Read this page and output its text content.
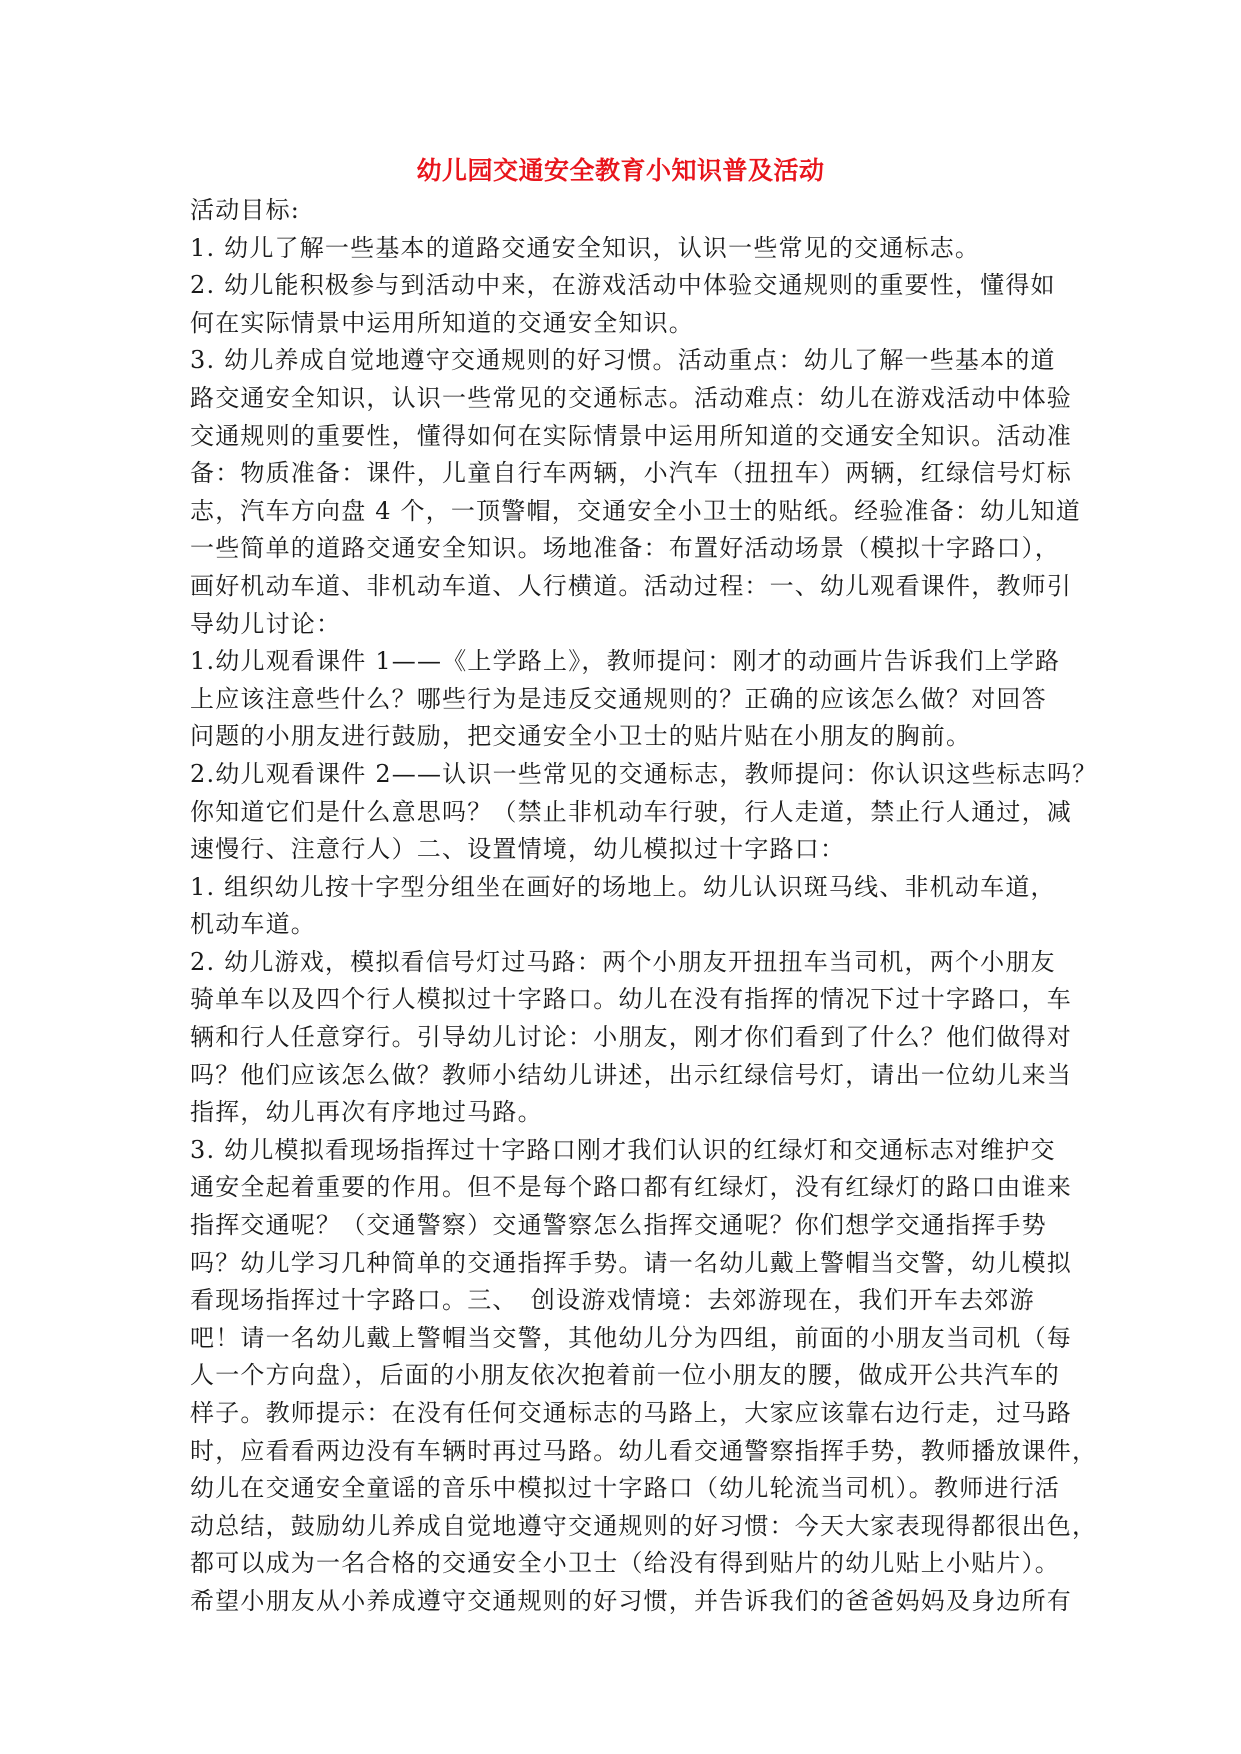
幼儿园交通安全教育小知识普及活动
活动目标:
1. 幼儿了解一些基本的道路交通安全知识，认识一些常见的交通标志。
2. 幼儿能积极参与到活动中来，在游戏活动中体验交通规则的重要性，懂得如
何在实际情景中运用所知道的交通安全知识。
3. 幼儿养成自觉地遵守交通规则的好习惯。活动重点：幼儿了解一些基本的道
路交通安全知识，认识一些常见的交通标志。活动难点：幼儿在游戏活动中体验
交通规则的重要性，懂得如何在实际情景中运用所知道的交通安全知识。活动准
备：物质准备：课件，儿童自行车两辆，小汽车（扭扭车）两辆，红绿信号灯标
志，汽车方向盘 4 个，一顶警帽，交通安全小卫士的贴纸。经验准备：幼儿知道
一些简单的道路交通安全知识。场地准备：布置好活动场景（模拟十字路口），
画好机动车道、非机动车道、人行横道。活动过程：一、幼儿观看课件，教师引
导幼儿讨论：
1.幼儿观看课件 1——《上学路上》，教师提问：刚才的动画片告诉我们上学路
上应该注意些什么？哪些行为是违反交通规则的？正确的应该怎么做？对回答
问题的小朋友进行鼓励，把交通安全小卫士的贴片贴在小朋友的胸前。
2.幼儿观看课件 2——认识一些常见的交通标志，教师提问：你认识这些标志吗？
你知道它们是什么意思吗？（禁止非机动车行驶，行人走道，禁止行人通过，减
速慢行、注意行人）二、设置情境，幼儿模拟过十字路口：
1. 组织幼儿按十字型分组坐在画好的场地上。幼儿认识斑马线、非机动车道，
机动车道。
2. 幼儿游戏，模拟看信号灯过马路：两个小朋友开扭扭车当司机，两个小朋友
骑单车以及四个行人模拟过十字路口。幼儿在没有指挥的情况下过十字路口，车
辆和行人任意穿行。引导幼儿讨论：小朋友，刚才你们看到了什么？他们做得对
吗？他们应该怎么做？教师小结幼儿讲述，出示红绿信号灯，请出一位幼儿来当
指挥，幼儿再次有序地过马路。
3. 幼儿模拟看现场指挥过十字路口刚才我们认识的红绿灯和交通标志对维护交
通安全起着重要的作用。但不是每个路口都有红绿灯，没有红绿灯的路口由谁来
指挥交通呢？（交通警察）交通警察怎么指挥交通呢？你们想学交通指挥手势
吗？幼儿学习几种简单的交通指挥手势。请一名幼儿戴上警帽当交警，幼儿模拟
看现场指挥过十字路口。三、　创设游戏情境：去郊游现在，我们开车去郊游
吧！请一名幼儿戴上警帽当交警，其他幼儿分为四组，前面的小朋友当司机（每
人一个方向盘），后面的小朋友依次抱着前一位小朋友的腰，做成开公共汽车的
样子。教师提示：在没有任何交通标志的马路上，大家应该靠右边行走，过马路
时，应看看两边没有车辆时再过马路。幼儿看交通警察指挥手势，教师播放课件，
幼儿在交通安全童谣的音乐中模拟过十字路口（幼儿轮流当司机）。教师进行活
动总结，鼓励幼儿养成自觉地遵守交通规则的好习惯：今天大家表现得都很出色，
都可以成为一名合格的交通安全小卫士（给没有得到贴片的幼儿贴上小贴片）。
希望小朋友从小养成遵守交通规则的好习惯，并告诉我们的爸爸妈妈及身边所有
